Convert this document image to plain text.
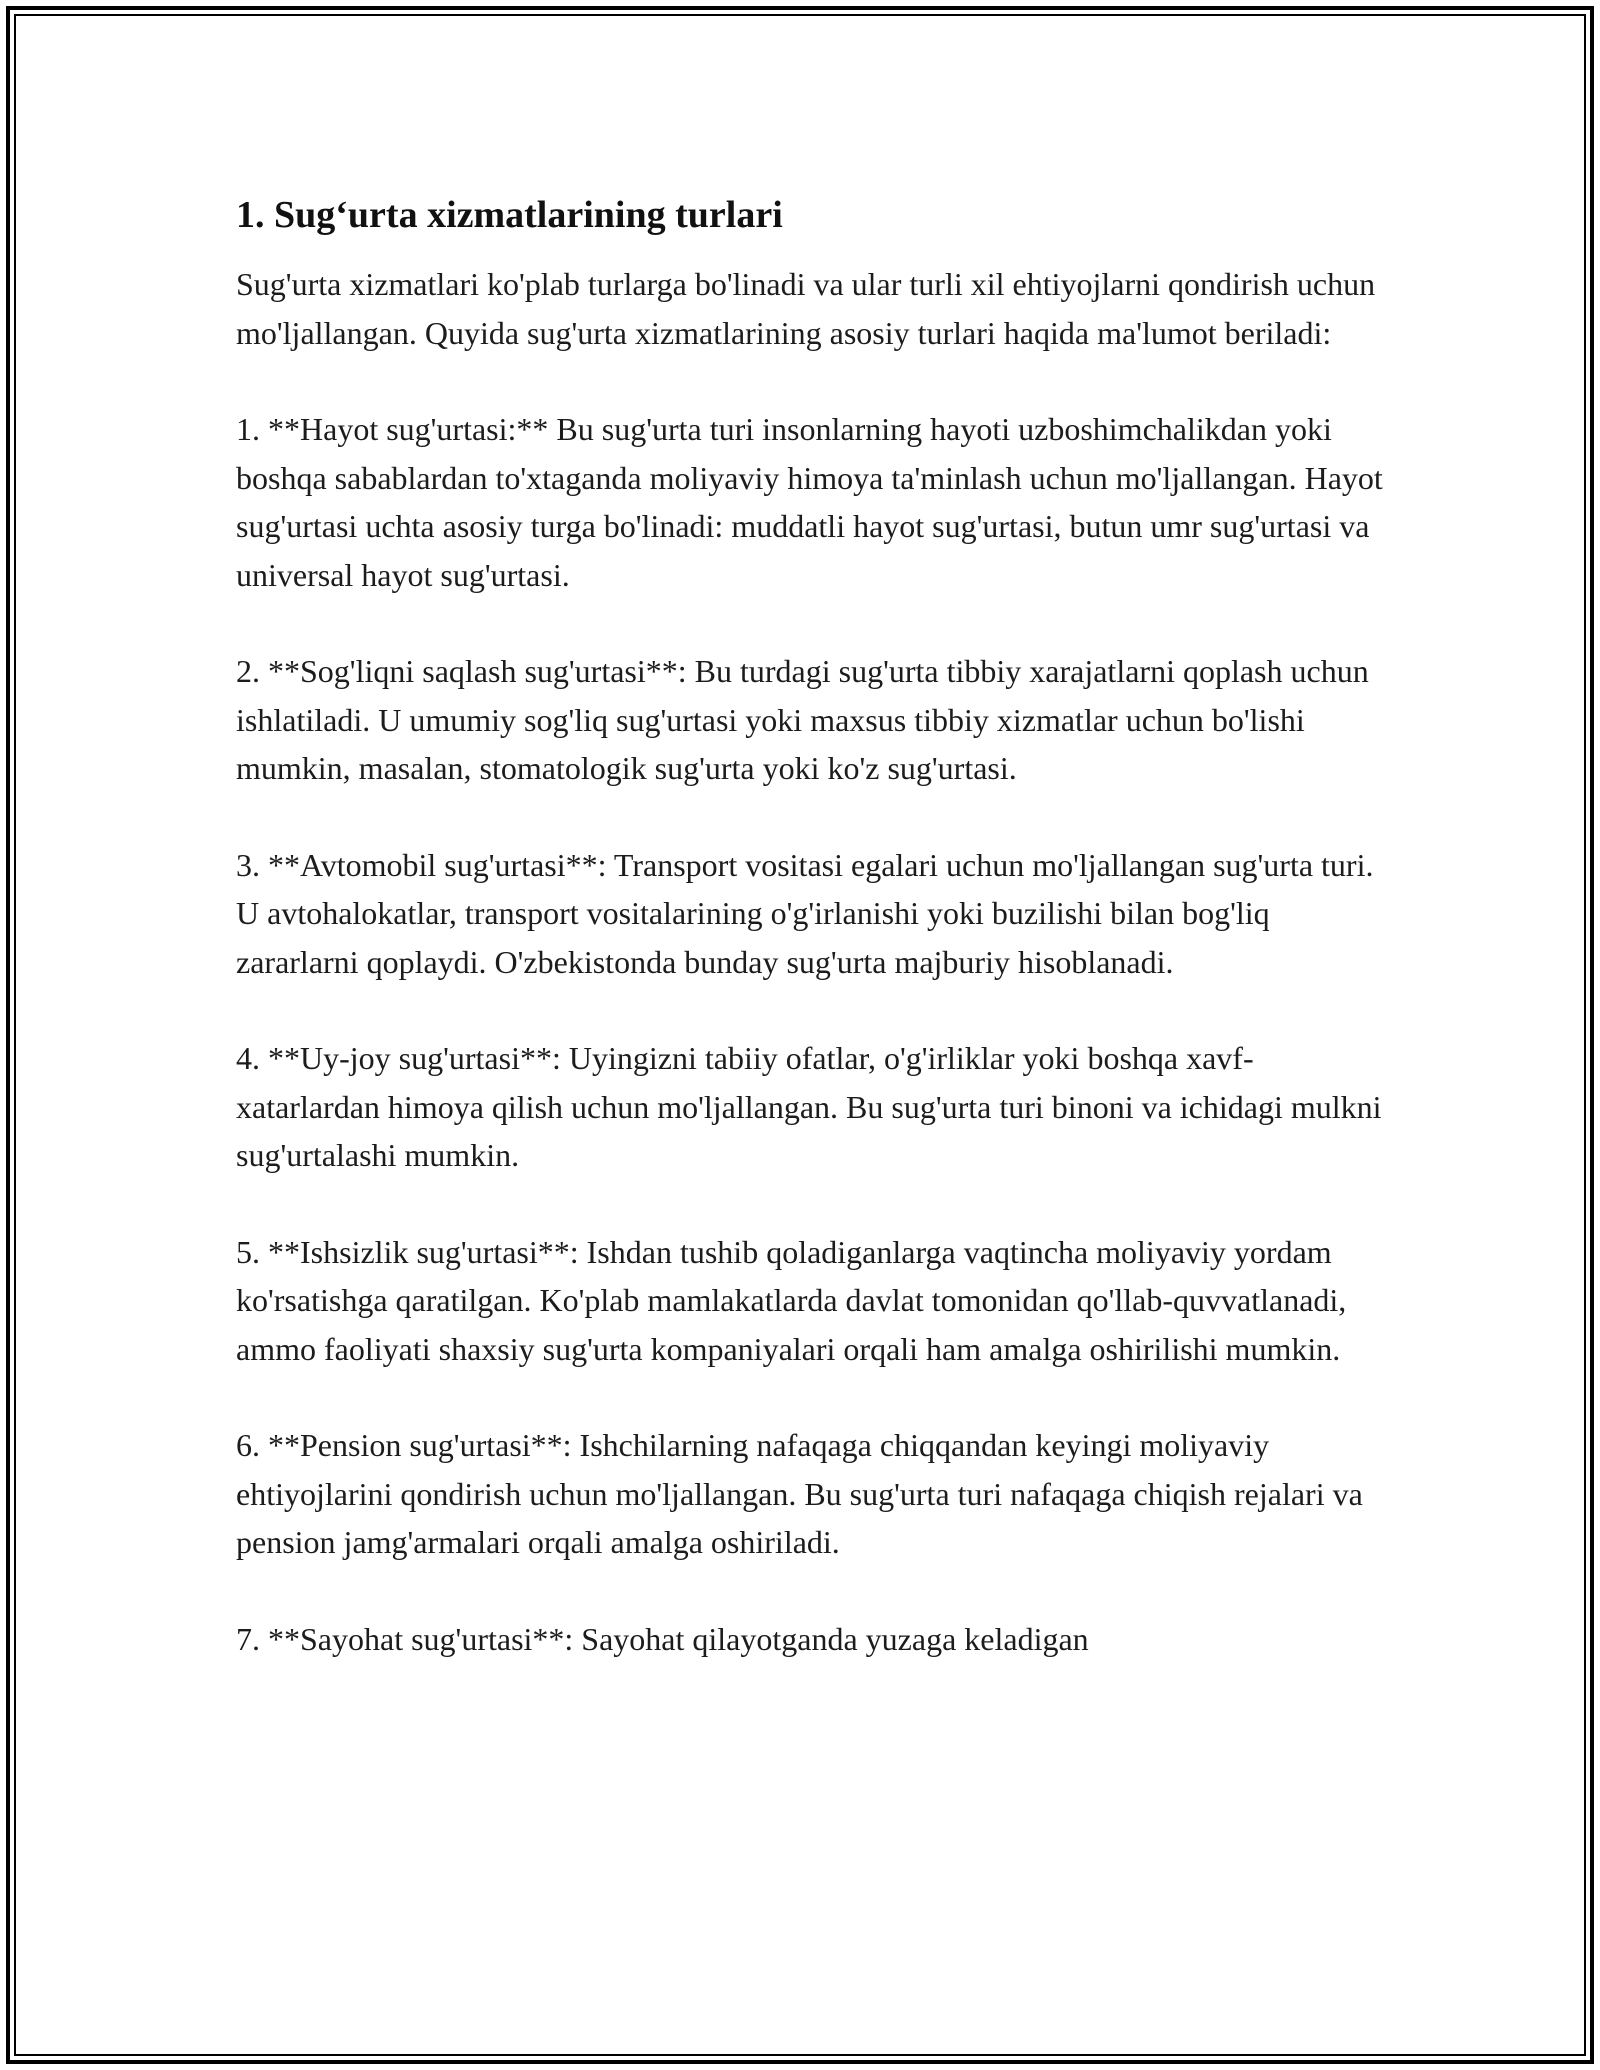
1. Sug‘urta xizmatlarining turlari

Sug'urta xizmatlari ko'plab turlarga bo'linadi va ular turli xil ehtiyojlarni qondirish uchun mo'ljallangan. Quyida sug'urta xizmatlarining asosiy turlari haqida ma'lumot beriladi:

1. **Hayot sug'urtasi:** Bu sug'urta turi insonlarning hayoti uzboshimchalikdan yoki boshqa sabablardan to'xtaganda moliyaviy himoya ta'minlash uchun mo'ljallangan. Hayot sug'urtasi uchta asosiy turga bo'linadi: muddatli hayot sug'urtasi, butun umr sug'urtasi va universal hayot sug'urtasi.

2. **Sog'liqni saqlash sug'urtasi**: Bu turdagi sug'urta tibbiy xarajatlarni qoplash uchun ishlatiladi. U umumiy sog'liq sug'urtasi yoki maxsus tibbiy xizmatlar uchun bo'lishi mumkin, masalan, stomatologik sug'urta yoki ko'z sug'urtasi.

3. **Avtomobil sug'urtasi**: Transport vositasi egalari uchun mo'ljallangan sug'urta turi. U avtohalokatlar, transport vositalarining o'g'irlanishi yoki buzilishi bilan bog'liq zararlarni qoplaydi. O'zbekistonda bunday sug'urta majburiy hisoblanadi.

4. **Uy-joy sug'urtasi**: Uyingizni tabiiy ofatlar, o'g'irliklar yoki boshqa xavf-xatarlardan himoya qilish uchun mo'ljallangan. Bu sug'urta turi binoni va ichidagi mulkni sug'urtalashi mumkin.

5. **Ishsizlik sug'urtasi**: Ishdan tushib qoladiganlarga vaqtincha moliyaviy yordam ko'rsatishga qaratilgan. Ko'plab mamlakatlarda davlat tomonidan qo'llab-quvvatlanadi, ammo faoliyati shaxsiy sug'urta kompaniyalari orqali ham amalga oshirilishi mumkin.

6. **Pension sug'urtasi**: Ishchilarning nafaqaga chiqqandan keyingi moliyaviy ehtiyojlarini qondirish uchun mo'ljallangan. Bu sug'urta turi nafaqaga chiqish rejalari va pension jamg'armalari orqali amalga oshiriladi.

7. **Sayohat sug'urtasi**: Sayohat qilayotganda yuzaga keladigan
